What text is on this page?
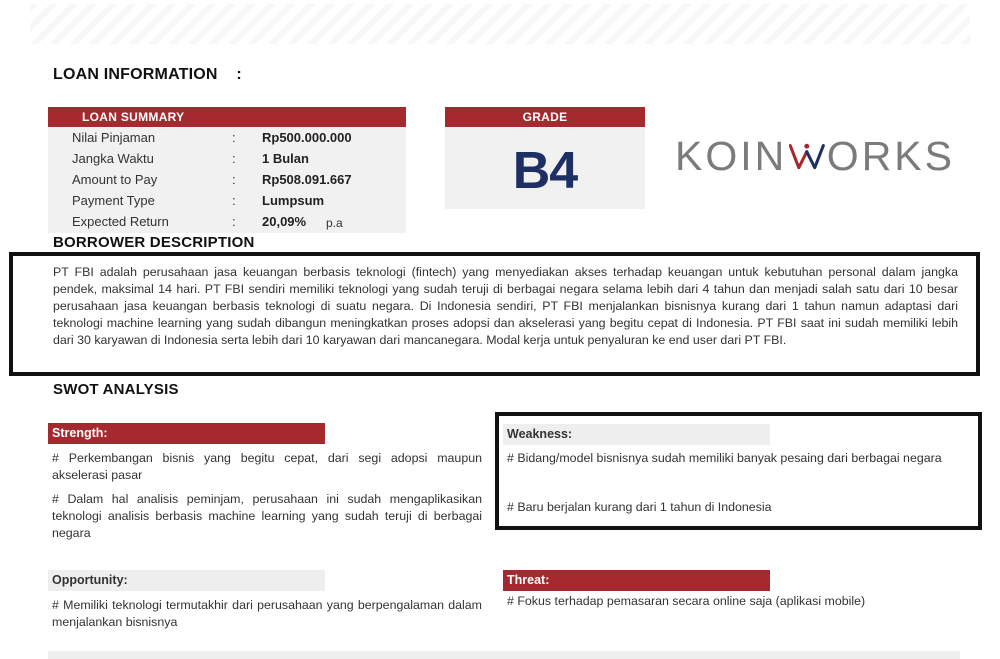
LOAN INFORMATION :
LOAN SUMMARY
Nilai Pinjaman	: Rp500.000.000
Jangka Waktu	: 1 Bulan
Amount to Pay	: Rp508.091.667
Payment Type	: Lumpsum
Expected Return	: 20,09% p.a
GRADE
B4	KOIN ORKS
BORROWER DESCRIPTION

PT FBI adalah perusahaan jasa keuangan berbasis teknologi (fintech) yang menyediakan akses terhadap keuangan untuk kebutuhan personal dalam jangka pendek, maksimal 14 hari. PT FBI sendiri memiliki teknologi yang sudah teruji di berbagai negara selama lebih dari 4 tahun dan menjadi salah satu dari 10 besar perusahaan jasa keuangan berbasis teknologi di suatu negara. Di Indonesia sendiri, PT FBI menjalankan bisnisnya kurang dari 1 tahun namun adaptasi dari teknologi machine learning yang sudah dibangun meningkatkan proses adopsi dan akselerasi yang begitu cepat di Indonesia. PT FBI saat ini sudah memiliki lebih dari 30 karyawan di Indonesia serta lebih dari 10 karyawan dari mancanegara. Modal kerja untuk penyaluran ke end user dari PT FBI.

SWOT ANALYSIS
Strength:
# Perkembangan bisnis yang begitu cepat, dari segi adopsi maupun akselerasi pasar
# Dalam hal analisis peminjam, perusahaan ini sudah mengaplikasikan teknologi analisis berbasis machine learning yang sudah teruji di berbagai negara
Weakness:
# Bidang/model bisnisnya sudah memiliki banyak pesaing dari berbagai negara
# Baru berjalan kurang dari 1 tahun di Indonesia
Opportunity:
# Memiliki teknologi termutakhir dari perusahaan yang berpengalaman dalam menjalankan bisnisnya
Threat:
# Fokus terhadap pemasaran secara online saja (aplikasi mobile)
